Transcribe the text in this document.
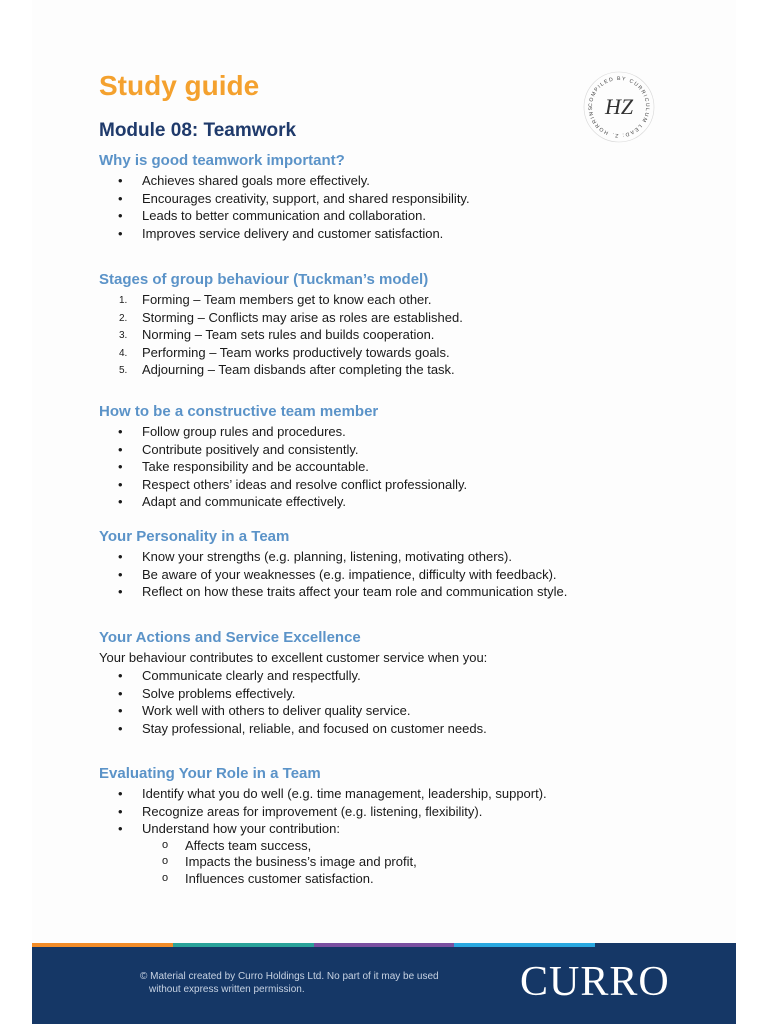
Study guide
Module 08: Teamwork
COMPILED BY CURRICULUM LEAD: Z. HORRINS HZ
Why is good teamwork important?
• Achieves shared goals more effectively.
• Encourages creativity, support, and shared responsibility.
• Leads to better communication and collaboration.
• Improves service delivery and customer satisfaction.
Stages of group behaviour (Tuckman’s model)
1. Forming – Team members get to know each other.
2. Storming – Conflicts may arise as roles are established.
3. Norming – Team sets rules and builds cooperation.
4. Performing – Team works productively towards goals.
5. Adjourning – Team disbands after completing the task.
How to be a constructive team member
• Follow group rules and procedures.
• Contribute positively and consistently.
• Take responsibility and be accountable.
• Respect others’ ideas and resolve conflict professionally.
• Adapt and communicate effectively.
Your Personality in a Team
• Know your strengths (e.g. planning, listening, motivating others).
• Be aware of your weaknesses (e.g. impatience, difficulty with feedback).
• Reflect on how these traits affect your team role and communication style.
Your Actions and Service Excellence

Your behaviour contributes to excellent customer service when you:

• Communicate clearly and respectfully.
• Solve problems effectively.
• Work well with others to deliver quality service.
• Stay professional, reliable, and focused on customer needs.
Evaluating Your Role in a Team
• Identify what you do well (e.g. time management, leadership, support).
• Recognize areas for improvement (e.g. listening, flexibility).
• Understand how your contribution:
o Affects team success,
o Impacts the business’s image and profit,
o Influences customer satisfaction.
© Material created by Curro Holdings Ltd. No part of it may be used
without express written permission.	CURRO
